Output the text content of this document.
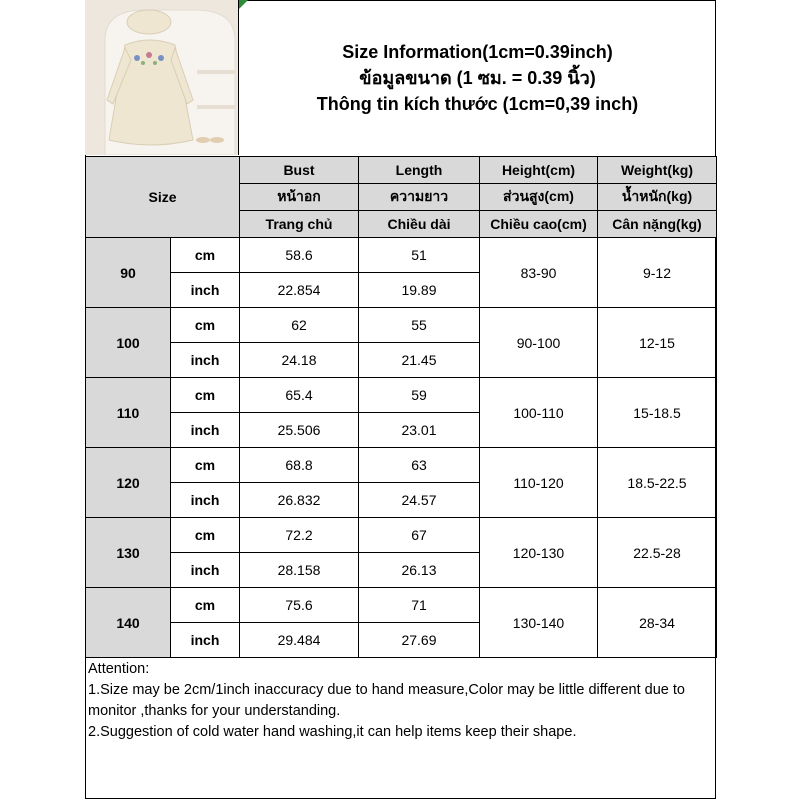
Size Information(1cm=0.39inch)
ข้อมูลขนาด (1 ซม. = 0.39 นิ้ว)
Thông tin kích thước (1cm=0,39 inch)
Size		Bust	Length	Height(cm)	Weight(kg)
		หน้าอก	ความยาว	ส่วนสูง(cm)	น้ำหนัก(kg)
		Trang chủ	Chiều dài	Chiều cao(cm)	Cân nặng(kg)
90	cm	58.6	51	83-90	9-12
	inch	22.854	19.89		
100	cm	62	55	90-100	12-15
	inch	24.18	21.45		
110	cm	65.4	59	100-110	15-18.5
	inch	25.506	23.01		
120	cm	68.8	63	110-120	18.5-22.5
	inch	26.832	24.57		
130	cm	72.2	67	120-130	22.5-28
	inch	28.158	26.13		
140	cm	75.6	71	130-140	28-34
	inch	29.484	27.69		
Attention:
1.Size may be 2cm/1inch inaccuracy due to hand measure,Color may be little different due to monitor ,thanks for your understanding.
2.Suggestion of cold water hand washing,it can help items keep their shape.
